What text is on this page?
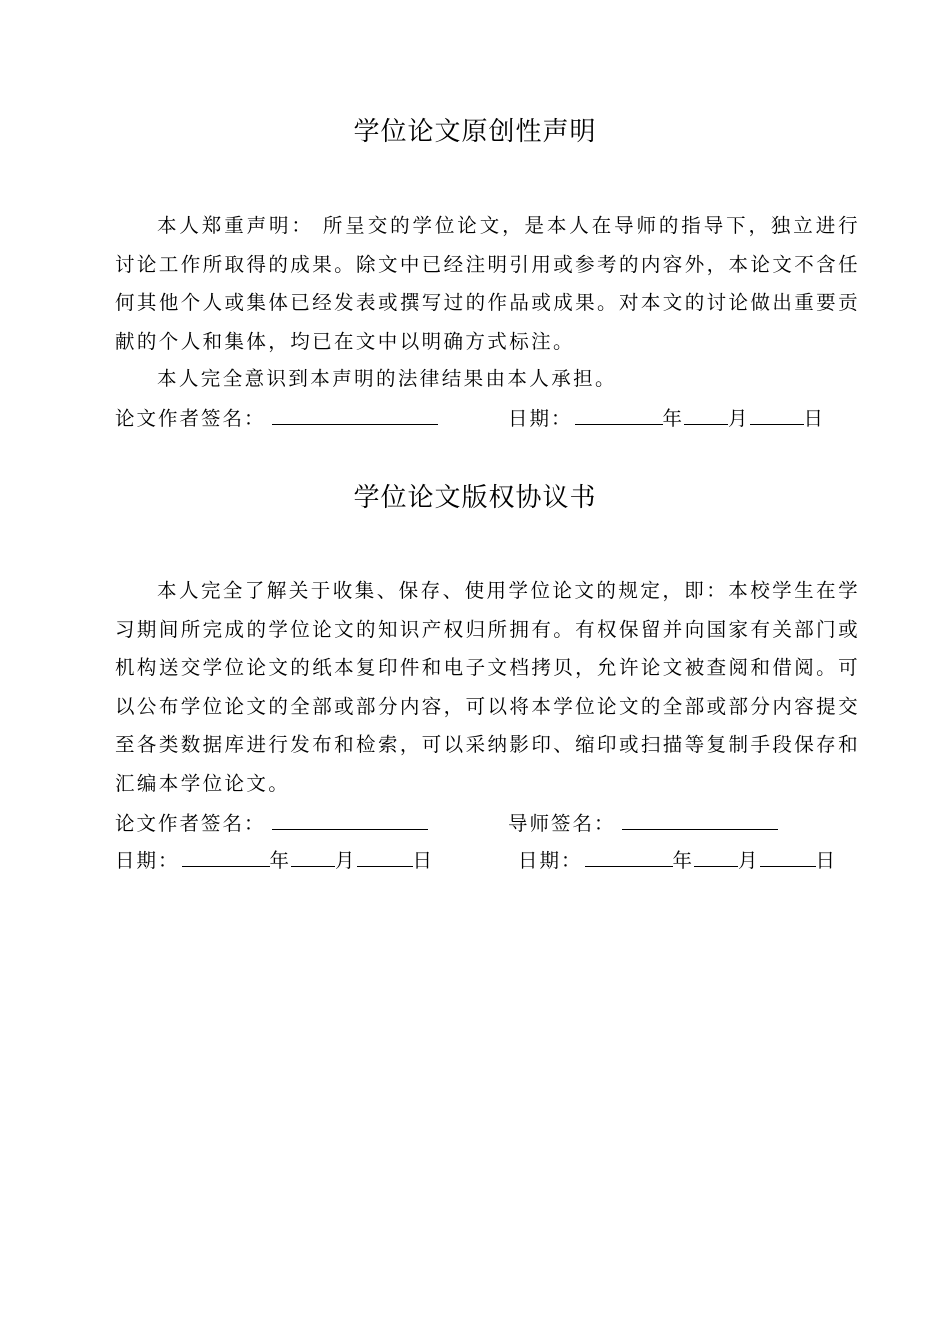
学位论文原创性声明

本人郑重声明： 所呈交的学位论文，是本人在导师的指导下，独立进行讨论工作所取得的成果。除文中已经注明引用或参考的内容外，本论文不含任何其他个人或集体已经发表或撰写过的作品或成果。对本文的讨论做出重要贡献的个人和集体，均已在文中以明确方式标注。

本人完全意识到本声明的法律结果由本人承担。

论文作者签名：	日期：	年 月	日
学位论文版权协议书

本人完全了解关于收集、保存、使用学位论文的规定，即：本校学生在学习期间所完成的学位论文的知识产权归所拥有。有权保留并向国家有关部门或机构送交学位论文的纸本复印件和电子文档拷贝，允许论文被查阅和借阅。可以公布学位论文的全部或部分内容，可以将本学位论文的全部或部分内容提交至各类数据库进行发布和检索，可以采纳影印、缩印或扫描等复制手段保存和汇编本学位论文。

论文作者签名：	导师签名：
日期：	年 月	日	日期：	年 月	日
